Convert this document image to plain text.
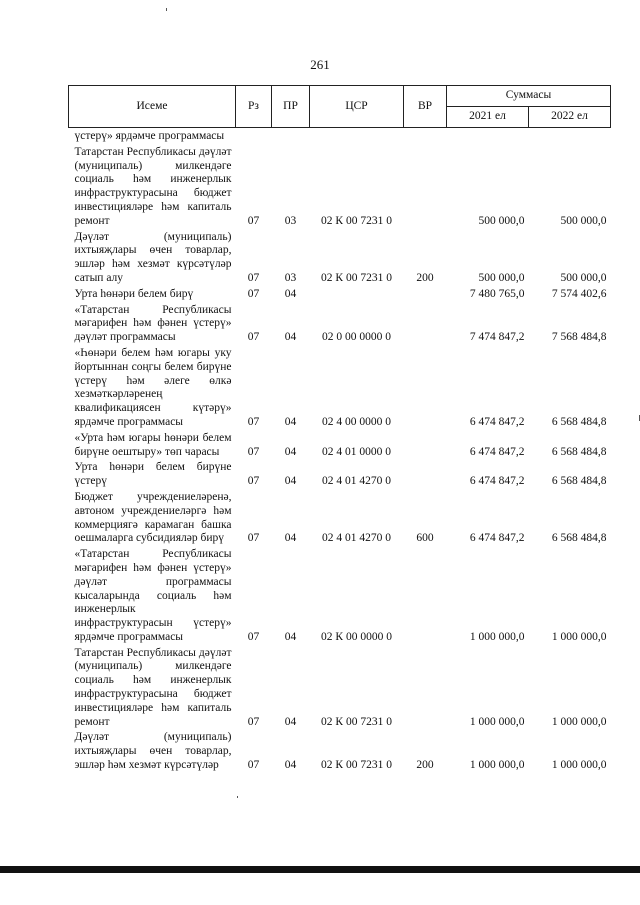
261
Исеме	Рз	ПР	ЦСР	ВР	Суммасы	
					2021 ел	2022 ел
үстерү» ярдәмче программасы						
Татарстан Республикасы дәүләт (муниципаль) милкендәге социаль һәм инженерлык инфраструктурасына бюджет инвестицияләре һәм капиталь ремонт	07	03	02 К 00 7231 0		500 000,0	500 000,0
Дәүләт (муниципаль) ихтыяҗлары өчен товарлар, эшләр һәм хезмәт күрсәтүләр сатып алу	07	03	02 К 00 7231 0	200	500 000,0	500 000,0
Урта һөнәри белем бирү	07	04			7 480 765,0	7 574 402,6
«Татарстан Республикасы мәгарифен һәм фәнен үстерү» дәүләт программасы	07	04	02 0 00 0000 0		7 474 847,2	7 568 484,8
«Һөнәри белем һәм югары уку йортыннан соңгы белем бирүне үстерү һәм әлеге өлкә хезмәткәрләренең квалификациясен күтәрү» ярдәмче программасы	07	04	02 4 00 0000 0		6 474 847,2	6 568 484,8
«Урта һәм югары һөнәри белем бирүне оештыру» төп чарасы	07	04	02 4 01 0000 0		6 474 847,2	6 568 484,8
Урта һөнәри белем бирүне үстерү	07	04	02 4 01 4270 0		6 474 847,2	6 568 484,8
Бюджет учреждениеләренә, автоном учреждениеләргә һәм коммерциягә карамаган башка оешмаларга субсидияләр бирү	07	04	02 4 01 4270 0	600	6 474 847,2	6 568 484,8
«Татарстан Республикасы мәгарифен һәм фәнен үстерү» дәүләт программасы кысаларында социаль һәм инженерлык инфраструктурасын үстерү» ярдәмче программасы	07	04	02 К 00 0000 0		1 000 000,0	1 000 000,0
Татарстан Республикасы дәүләт (муниципаль) милкендәге социаль һәм инженерлык инфраструктурасына бюджет инвестицияләре һәм капиталь ремонт	07	04	02 К 00 7231 0		1 000 000,0	1 000 000,0
Дәүләт (муниципаль) ихтыяҗлары өчен товарлар, эшләр һәм хезмәт күрсәтүләр	07	04	02 К 00 7231 0	200	1 000 000,0	1 000 000,0
